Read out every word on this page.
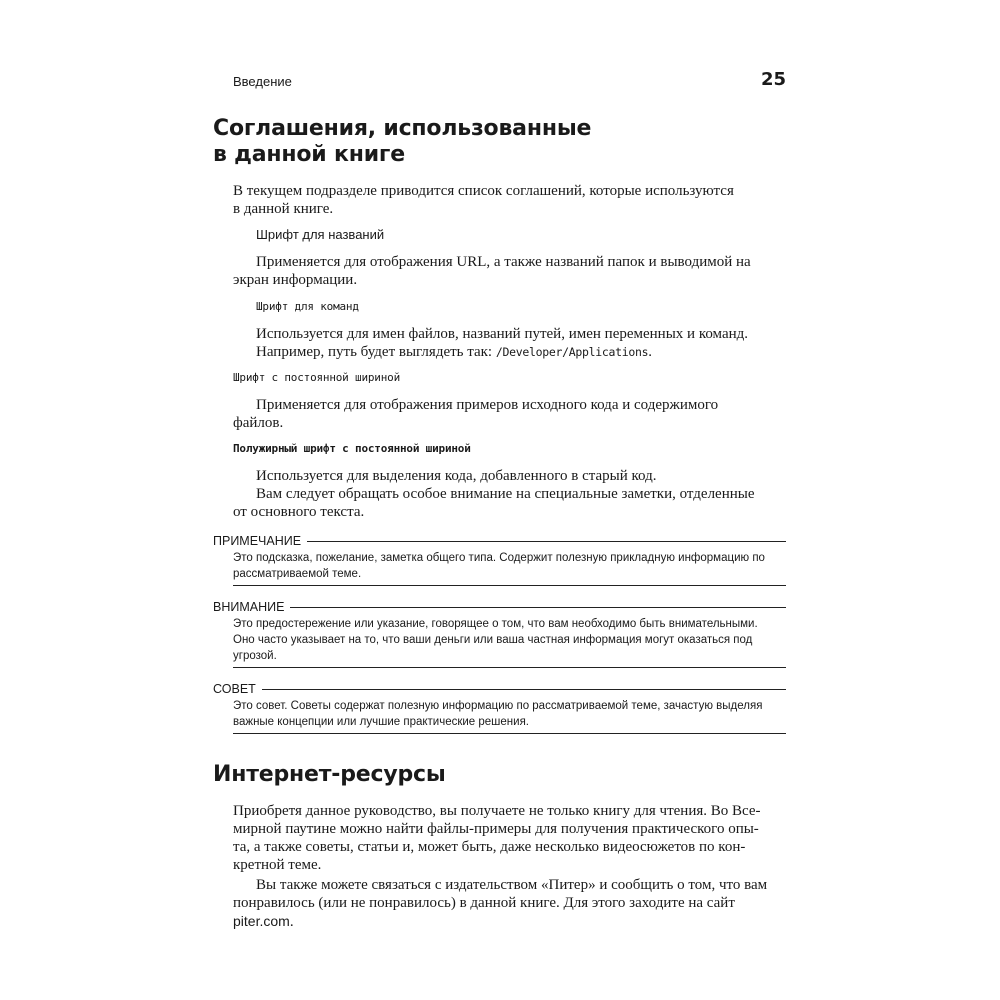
Введение	25
Соглашения, использованные
в данной книге
В текущем подразделе приводится список соглашений, которые используются
в данной книге.
Шрифт для названий
Применяется для отображения URL, а также названий папок и выводимой на
экран информации.
Шрифт для команд
Используется для имен файлов, названий путей, имен переменных и команд.
Например, путь будет выглядеть так: /Developer/Applications.
Шрифт с постоянной шириной
Применяется для отображения примеров исходного кода и содержимого
файлов.
Полужирный шрифт с постоянной шириной
Используется для выделения кода, добавленного в старый код.
Вам следует обращать особое внимание на специальные заметки, отделенные
от основного текста.
ПРИМЕЧАНИЕ
Это подсказка, пожелание, заметка общего типа. Содержит полезную прикладную информацию по
рассматриваемой теме.
ВНИМАНИЕ
Это предостережение или указание, говорящее о том, что вам необходимо быть внимательными.
Оно часто указывает на то, что ваши деньги или ваша частная информация могут оказаться под
угрозой.
СОВЕТ
Это совет. Советы содержат полезную информацию по рассматриваемой теме, зачастую выделяя
важные концепции или лучшие практические решения.
Интернет-ресурсы
Приобретя данное руководство, вы получаете не только книгу для чтения. Во Все-
мирной паутине можно найти файлы-примеры для получения практического опы-
та, а также советы, статьи и, может быть, даже несколько видеосюжетов по кон-
кретной теме.
Вы также можете связаться с издательством «Питер» и сообщить о том, что вам
понравилось (или не понравилось) в данной книге. Для этого заходите на сайт
piter.com.
